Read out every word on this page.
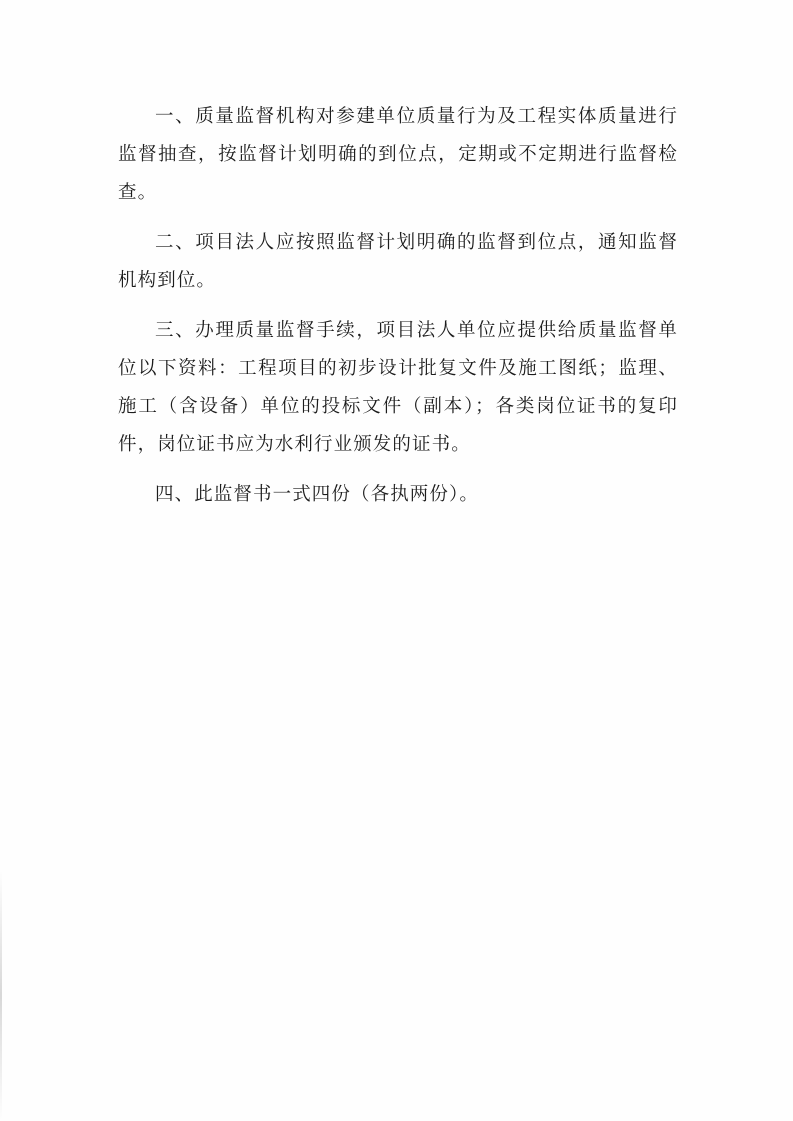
一、质量监督机构对参建单位质量行为及工程实体质量进行监督抽查，按监督计划明确的到位点，定期或不定期进行监督检查。

二、项目法人应按照监督计划明确的监督到位点，通知监督机构到位。

三、办理质量监督手续，项目法人单位应提供给质量监督单位以下资料：工程项目的初步设计批复文件及施工图纸；监理、施工（含设备）单位的投标文件（副本）；各类岗位证书的复印件，岗位证书应为水利行业颁发的证书。

四、此监督书一式四份（各执两份）。
